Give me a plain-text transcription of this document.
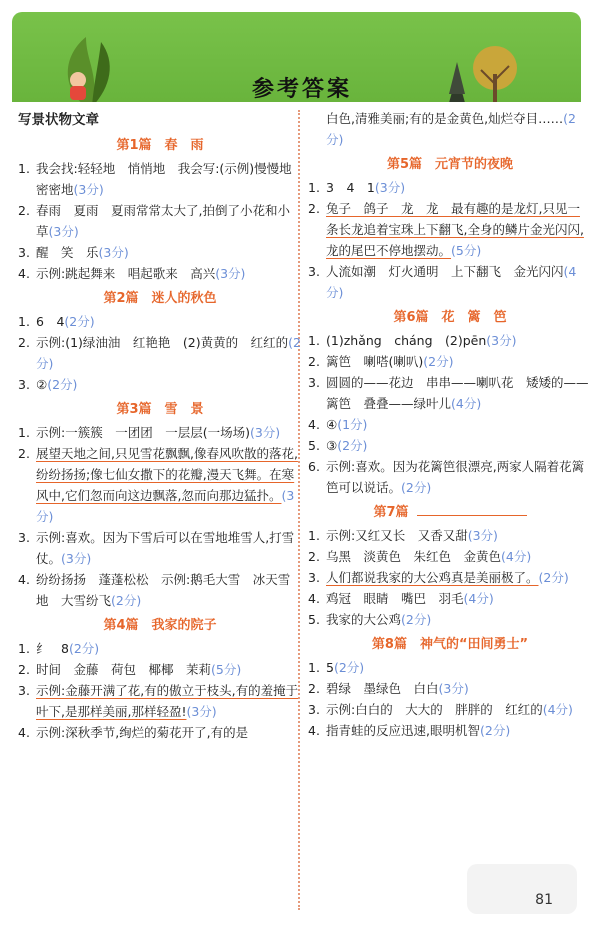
参考答案
写景状物文章
第1篇　春　雨
1. 我会找:轻轻地　悄悄地　我会写:(示例)慢慢地　密密地(3分)
2. 春雨　夏雨　夏雨常常太大了,拍倒了小花和小草(3分)
3. 醒　笑　乐(3分)
4. 示例:跳起舞来　唱起歌来　高兴(3分)
第2篇　迷人的秋色
1. 6　4(2分)
2. 示例:(1)绿油油　红艳艳　(2)黄黄的　红红的(2分)
3. ②(2分)
第3篇　雪　景
1. 示例:一簇簇　一团团　一层层(一场场)(3分)
2. 展望天地之间,只见雪花飘飘,像春风吹散的落花,纷纷扬扬;像七仙女撒下的花瓣,漫天飞舞。在寒风中,它们忽而向这边飘落,忽而向那边猛扑。(3分)
3. 示例:喜欢。因为下雪后可以在雪地堆雪人,打雪仗。(3分)
4. 纷纷扬扬　蓬蓬松松　示例:鹅毛大雪　冰天雪地　大雪纷飞(2分)
第4篇　我家的院子
1. 纟　8(2分)
2. 时间　金藤　荷包　椰椰　茉莉(5分)
3. 示例:金藤开满了花,有的傲立于枝头,有的羞掩于叶下,是那样美丽,那样轻盈!(3分)
4. 示例:深秋季节,绚烂的菊花开了,有的是
白色,清雅美丽;有的是金黄色,灿烂夺目……(2分)
第5篇　元宵节的夜晚
1. 3　4　1(3分)
2. 兔子　鸽子　龙　龙　最有趣的是龙灯,只见一条长龙追着宝珠上下翻飞,全身的鳞片金光闪闪,龙的尾巴不停地摆动。(5分)
3. 人流如潮　灯火通明　上下翻飞　金光闪闪(4分)
第6篇　花　篱　笆
1. (1)zhǎng　cháng　(2)pēn(3分)
2. 篱笆　喇嗒(喇叭)(2分)
3. 圆圆的——花边　串串——喇叭花　矮矮的——篱笆　叠叠——绿叶儿(4分)
4. ④(1分)
5. ③(2分)
6. 示例:喜欢。因为花篱笆很漂亮,两家人隔着花篱笆可以说话。(2分)
第7篇
1. 示例:又红又长　又香又甜(3分)
2. 乌黑　淡黄色　朱红色　金黄色(4分)
3. 人们都说我家的大公鸡真是美丽极了。(2分)
4. 鸡冠　眼睛　嘴巴　羽毛(4分)
5. 我家的大公鸡(2分)
第8篇　神气的“田间勇士”
1. 5(2分)
2. 碧绿　墨绿色　白白(3分)
3. 示例:白白的　大大的　胖胖的　红红的(4分)
4. 指青蛙的反应迅速,眼明机智(2分)
81
